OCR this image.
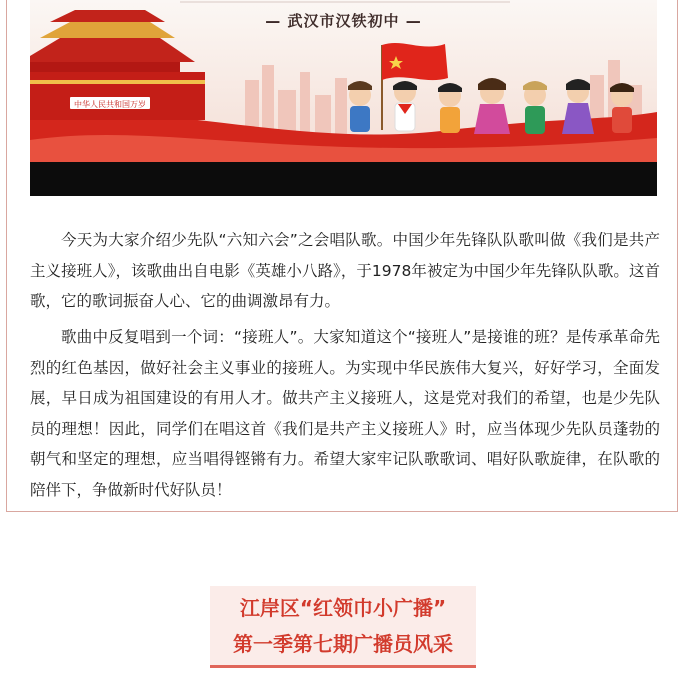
中华人民共和国万岁
— 武汉市汉铁初中 —

今天为大家介绍少先队“六知六会”之会唱队歌。中国少年先锋队队歌叫做《我们是共产主义接班人》，该歌曲出自电影《英雄小八路》，于1978年被定为中国少年先锋队队歌。这首歌，它的歌词振奋人心、它的曲调激昂有力。

歌曲中反复唱到一个词：“接班人”。大家知道这个“接班人”是接谁的班？是传承革命先烈的红色基因，做好社会主义事业的接班人。为实现中华民族伟大复兴，好好学习，全面发展，早日成为祖国建设的有用人才。做共产主义接班人，这是党对我们的希望，也是少先队员的理想！因此，同学们在唱这首《我们是共产主义接班人》时，应当体现少先队员蓬勃的朝气和坚定的理想，应当唱得铿锵有力。希望大家牢记队歌歌词、唱好队歌旋律，在队歌的陪伴下，争做新时代好队员！

江岸区“红领巾小广播”
第一季第七期广播员风采
